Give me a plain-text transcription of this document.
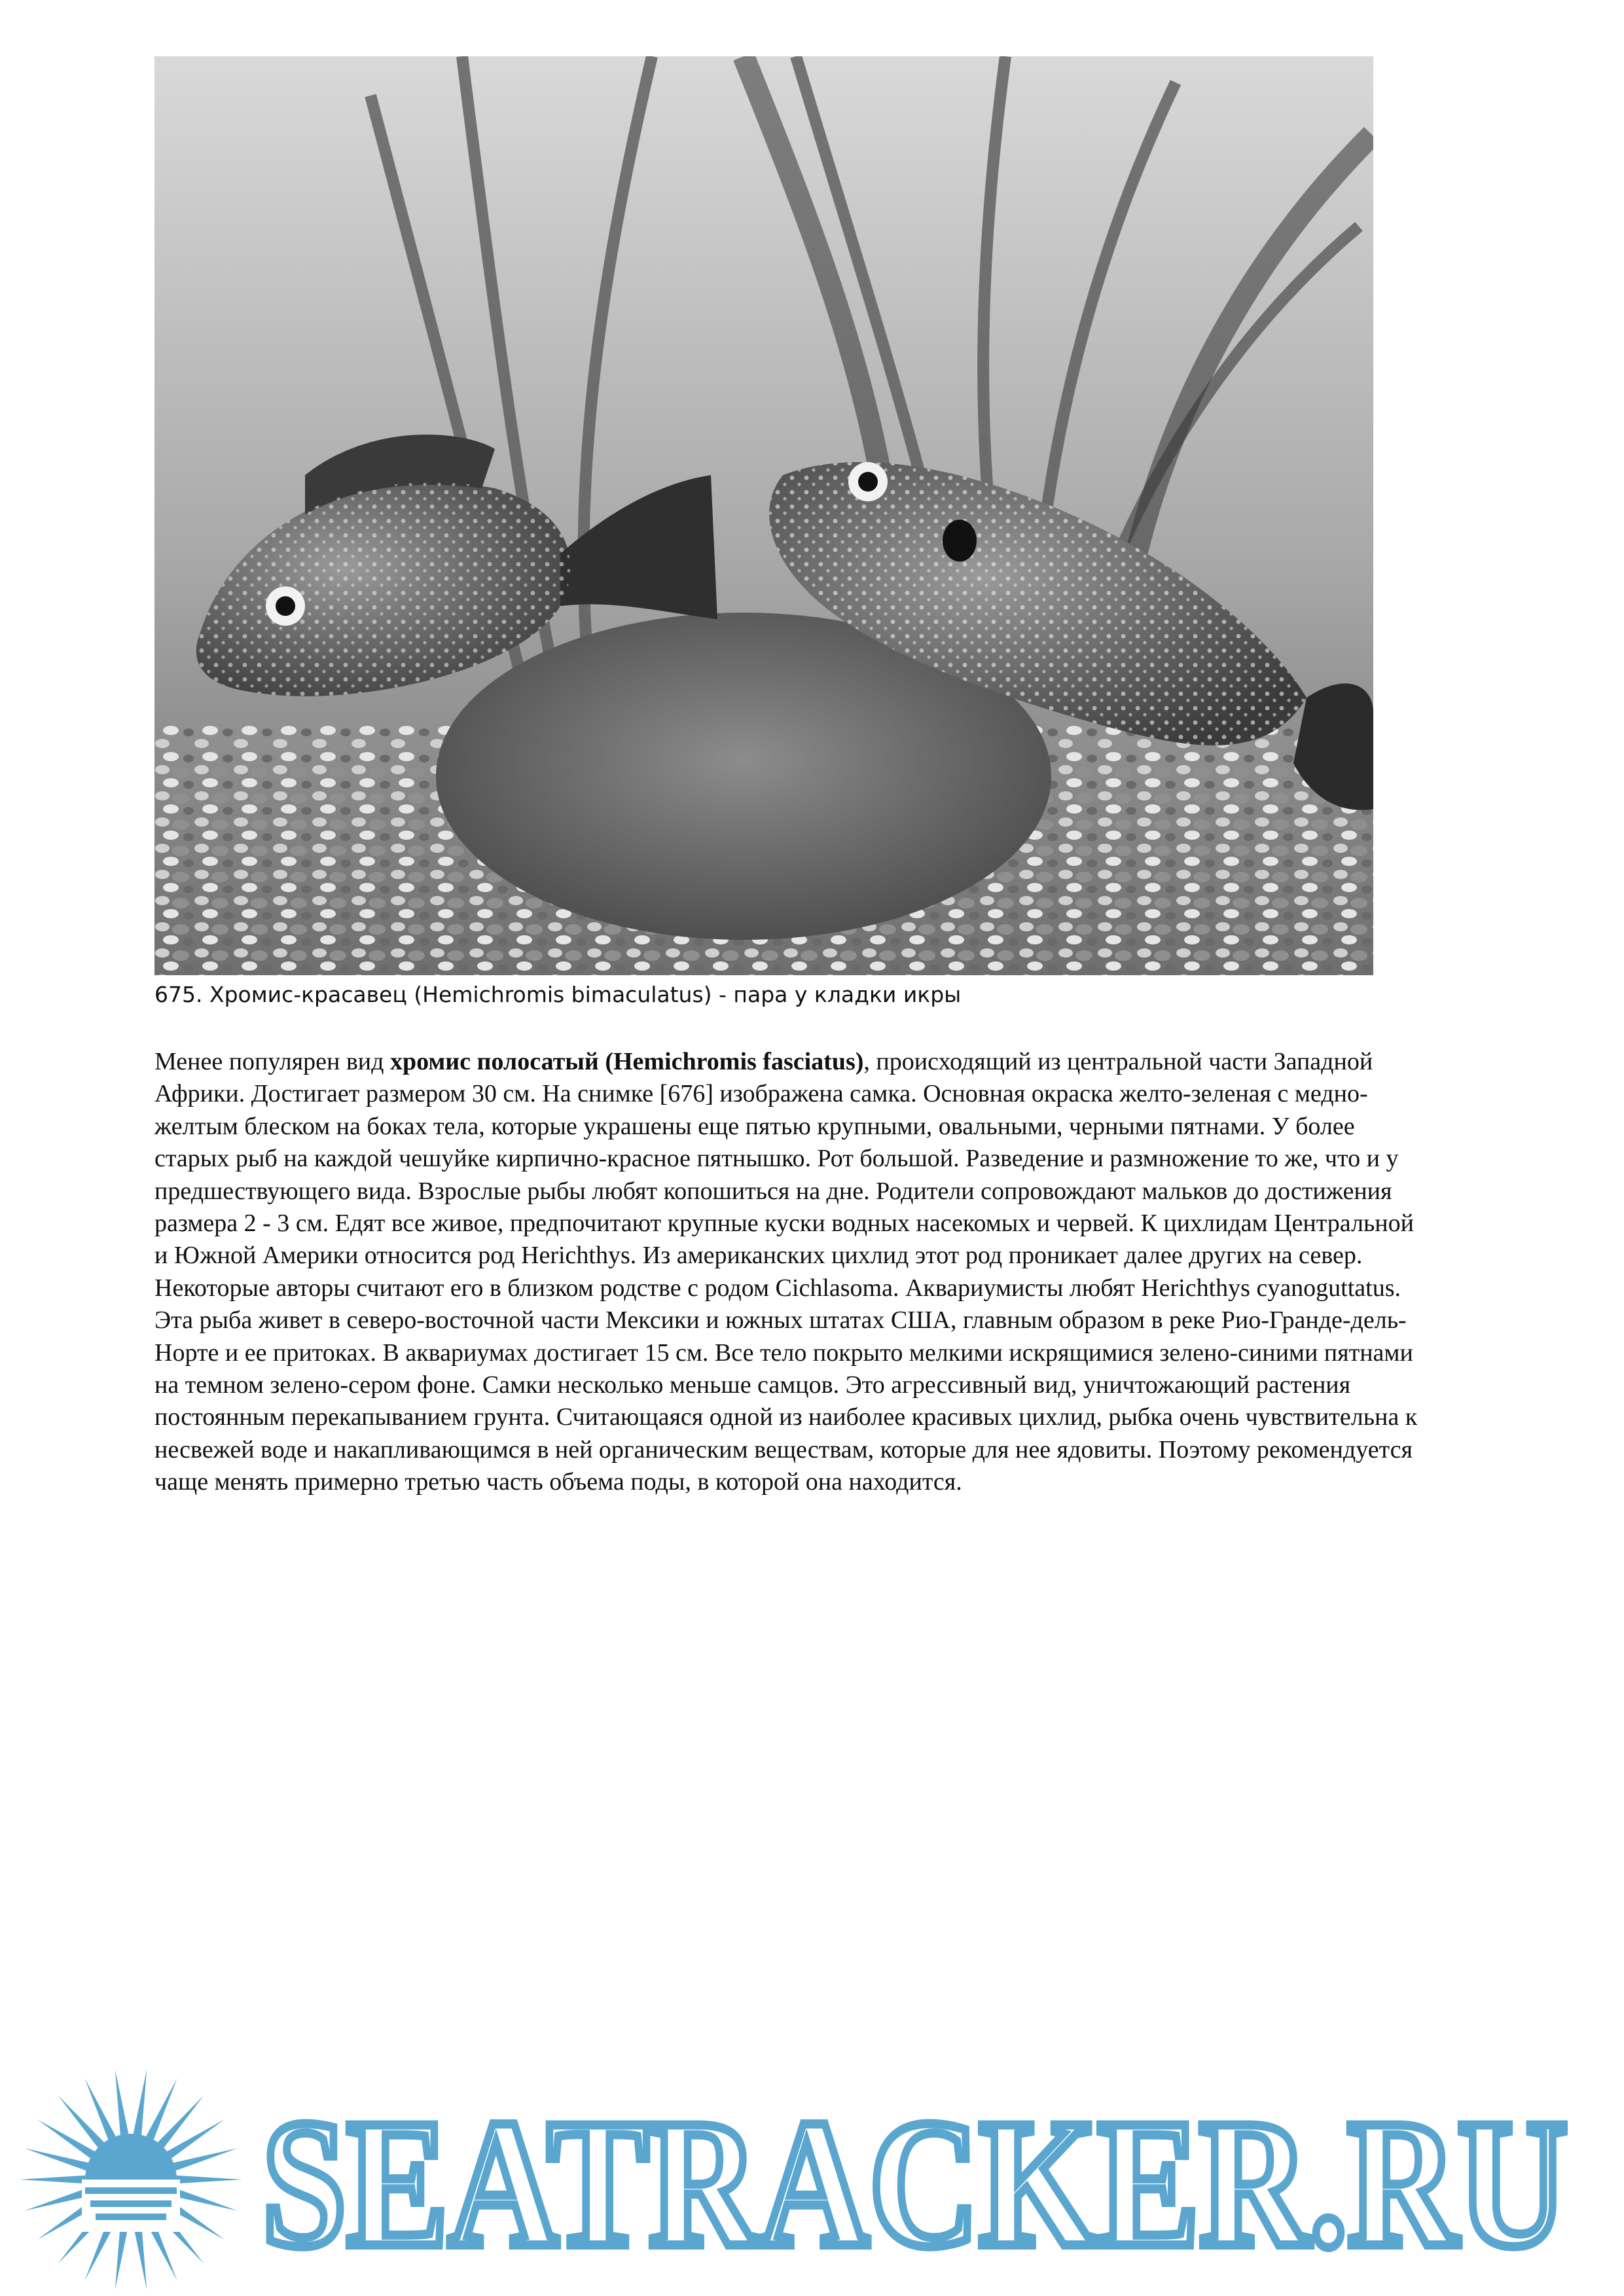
675. Хромис-красавец (Hemichromis bimaculatus) - пара у кладки икры
Менее популярен вид хромис полосатый (Hemichromis fasciatus), происходящий из центральной части Западной
Африки. Достигает размером 30 см. На снимке [676] изображена самка. Основная окраска желто-зеленая с медно-
желтым блеском на боках тела, которые украшены еще пятью крупными, овальными, черными пятнами. У более
старых рыб на каждой чешуйке кирпично-красное пятнышко. Рот большой. Разведение и размножение то же, что и у
предшествующего вида. Взрослые рыбы любят копошиться на дне. Родители сопровождают мальков до достижения
размера 2 - 3 см. Едят все живое, предпочитают крупные куски водных насекомых и червей. К цихлидам Центральной
и Южной Америки относится род Herichthys. Из американских цихлид этот род проникает далее других на север.
Некоторые авторы считают его в близком родстве с родом Cichlasoma. Аквариумисты любят Herichthys cyanoguttatus.
Эта рыба живет в северо-восточной части Мексики и южных штатах США, главным образом в реке Рио-Гранде-дель-
Норте и ее притоках. В аквариумах достигает 15 см. Все тело покрыто мелкими искрящимися зелено-синими пятнами
на темном зелено-сером фоне. Самки несколько меньше самцов. Это агрессивный вид, уничтожающий растения
постоянным перекапыванием грунта. Считающаяся одной из наиболее красивых цихлид, рыбка очень чувствительна к
несвежей воде и накапливающимся в ней органическим веществам, которые для нее ядовиты. Поэтому рекомендуется
чаще менять примерно третью часть объема поды, в которой она находится.
SEATRACKER.RU
